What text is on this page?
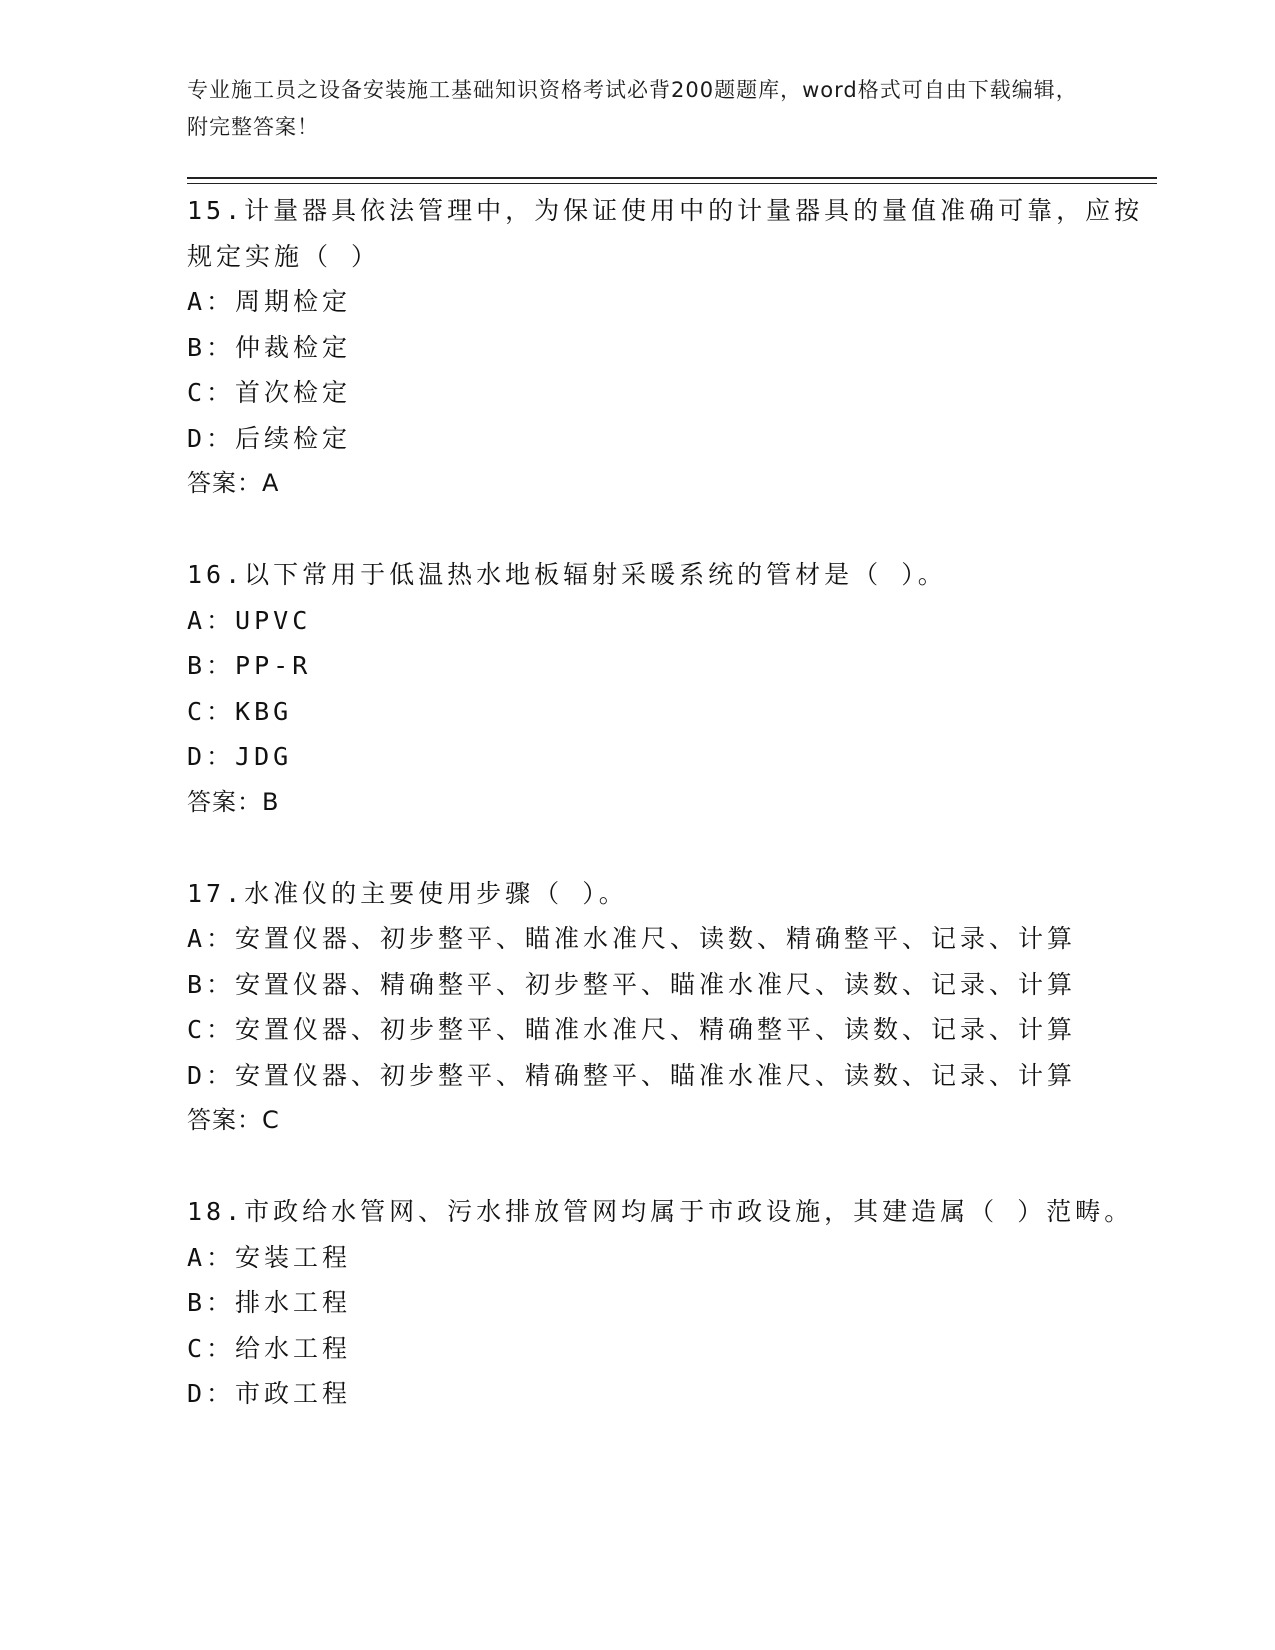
专业施工员之设备安装施工基础知识资格考试必背200题题库，word格式可自由下载编辑，附完整答案！

15.计量器具依法管理中，为保证使用中的计量器具的量值准确可靠，应按规定实施（ ）

A：周期检定

B：仲裁检定

C：首次检定

D：后续检定

答案：A

16.以下常用于低温热水地板辐射采暖系统的管材是（ ）。

A：UPVC

B：PP-R

C：KBG

D：JDG

答案：B

17.水准仪的主要使用步骤（ ）。

A：安置仪器、初步整平、瞄准水准尺、读数、精确整平、记录、计算

B：安置仪器、精确整平、初步整平、瞄准水准尺、读数、记录、计算

C：安置仪器、初步整平、瞄准水准尺、精确整平、读数、记录、计算

D：安置仪器、初步整平、精确整平、瞄准水准尺、读数、记录、计算

答案：C

18.市政给水管网、污水排放管网均属于市政设施，其建造属（ ）范畴。

A：安装工程

B：排水工程

C：给水工程

D：市政工程
